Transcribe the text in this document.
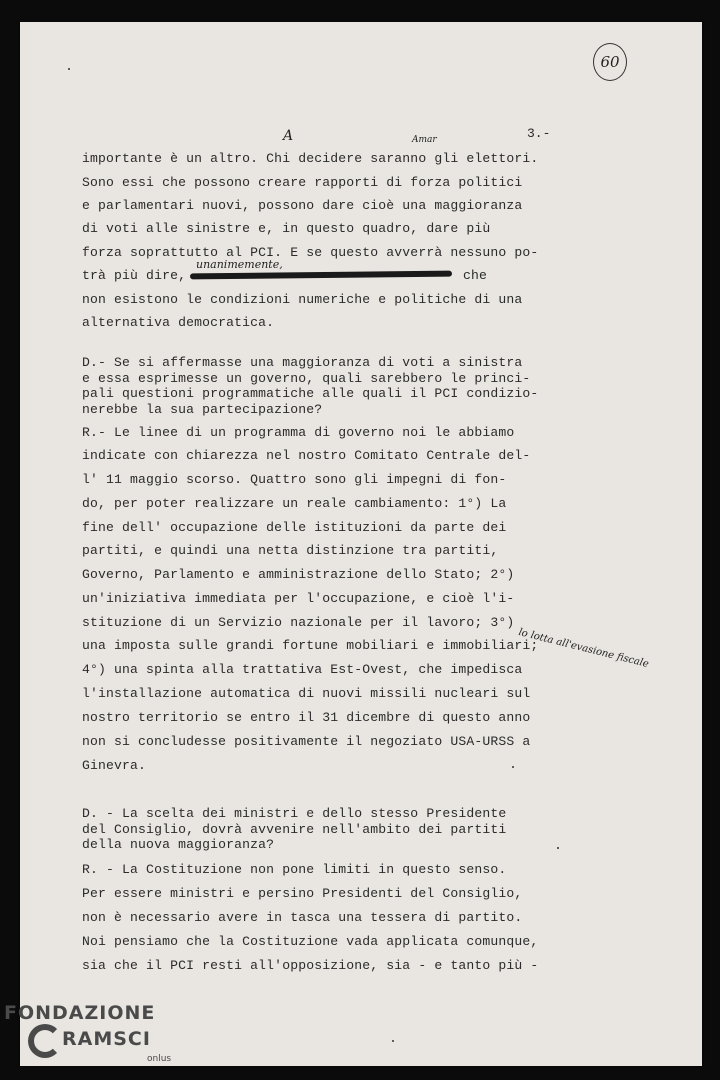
60
3.-
A	Amar
unanimemente,
lo lotta all'evasione fiscale
importante è un altro. Chi decidere saranno gli elettori.
Sono essi che possono creare rapporti di forza politici
e parlamentari nuovi, possono dare cioè una maggioranza
di voti alle sinistre e, in questo quadro, dare più
forza soprattutto al PCI. E se questo avverrà nessuno po-
trà più dire,	che
non esistono le condizioni numeriche e politiche di una
alternativa democratica.
D.- Se si affermasse una maggioranza di voti a sinistra
e essa esprimesse un governo, quali sarebbero le princi-
pali questioni programmatiche alle quali il PCI condizio-
nerebbe la sua partecipazione?
R.- Le linee di un programma di governo noi le abbiamo
indicate con chiarezza nel nostro Comitato Centrale del-
l' 11 maggio scorso. Quattro sono gli impegni di fon-
do, per poter realizzare un reale cambiamento: 1°) La
fine dell' occupazione delle istituzioni da parte dei
partiti, e quindi una netta distinzione tra partiti,
Governo, Parlamento e amministrazione dello Stato; 2°)
un'iniziativa immediata per l'occupazione, e cioè l'i-
stituzione di un Servizio nazionale per il lavoro; 3°)
una imposta sulle grandi fortune mobiliari e immobiliari;
4°) una spinta alla trattativa Est-Ovest, che impedisca
l'installazione automatica di nuovi missili nucleari sul
nostro territorio se entro il 31 dicembre di questo anno
non si concludesse positivamente il negoziato USA-URSS a
Ginevra.
D. - La scelta dei ministri e dello stesso Presidente
del Consiglio, dovrà avvenire nell'ambito dei partiti
della nuova maggioranza?
R. - La Costituzione non pone limiti in questo senso.
Per essere ministri e persino Presidenti del Consiglio,
non è necessario avere in tasca una tessera di partito.
Noi pensiamo che la Costituzione vada applicata comunque,
sia che il PCI resti all'opposizione, sia - e tanto più -
FONDAZIONE
RAMSCI
onlus
